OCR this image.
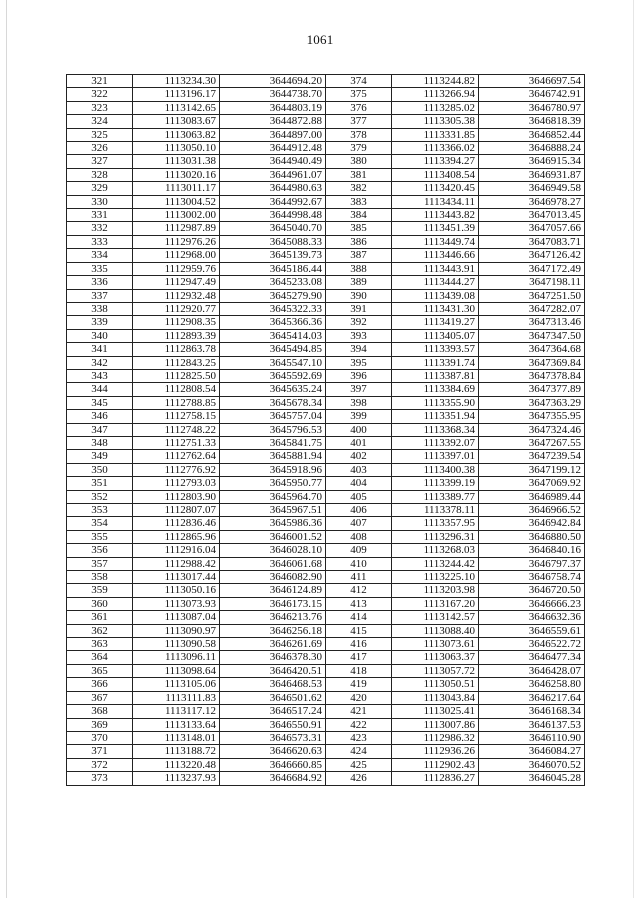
1061
321	1113234.30	3644694.20	374	1113244.82	3646697.54
322	1113196.17	3644738.70	375	1113266.94	3646742.91
323	1113142.65	3644803.19	376	1113285.02	3646780.97
324	1113083.67	3644872.88	377	1113305.38	3646818.39
325	1113063.82	3644897.00	378	1113331.85	3646852.44
326	1113050.10	3644912.48	379	1113366.02	3646888.24
327	1113031.38	3644940.49	380	1113394.27	3646915.34
328	1113020.16	3644961.07	381	1113408.54	3646931.87
329	1113011.17	3644980.63	382	1113420.45	3646949.58
330	1113004.52	3644992.67	383	1113434.11	3646978.27
331	1113002.00	3644998.48	384	1113443.82	3647013.45
332	1112987.89	3645040.70	385	1113451.39	3647057.66
333	1112976.26	3645088.33	386	1113449.74	3647083.71
334	1112968.00	3645139.73	387	1113446.66	3647126.42
335	1112959.76	3645186.44	388	1113443.91	3647172.49
336	1112947.49	3645233.08	389	1113444.27	3647198.11
337	1112932.48	3645279.90	390	1113439.08	3647251.50
338	1112920.77	3645322.33	391	1113431.30	3647282.07
339	1112908.35	3645366.36	392	1113419.27	3647313.46
340	1112893.39	3645414.03	393	1113405.07	3647347.50
341	1112863.78	3645494.85	394	1113393.57	3647364.68
342	1112843.25	3645547.10	395	1113391.74	3647369.84
343	1112825.50	3645592.69	396	1113387.81	3647378.84
344	1112808.54	3645635.24	397	1113384.69	3647377.89
345	1112788.85	3645678.34	398	1113355.90	3647363.29
346	1112758.15	3645757.04	399	1113351.94	3647355.95
347	1112748.22	3645796.53	400	1113368.34	3647324.46
348	1112751.33	3645841.75	401	1113392.07	3647267.55
349	1112762.64	3645881.94	402	1113397.01	3647239.54
350	1112776.92	3645918.96	403	1113400.38	3647199.12
351	1112793.03	3645950.77	404	1113399.19	3647069.92
352	1112803.90	3645964.70	405	1113389.77	3646989.44
353	1112807.07	3645967.51	406	1113378.11	3646966.52
354	1112836.46	3645986.36	407	1113357.95	3646942.84
355	1112865.96	3646001.52	408	1113296.31	3646880.50
356	1112916.04	3646028.10	409	1113268.03	3646840.16
357	1112988.42	3646061.68	410	1113244.42	3646797.37
358	1113017.44	3646082.90	411	1113225.10	3646758.74
359	1113050.16	3646124.89	412	1113203.98	3646720.50
360	1113073.93	3646173.15	413	1113167.20	3646666.23
361	1113087.04	3646213.76	414	1113142.57	3646632.36
362	1113090.97	3646256.18	415	1113088.40	3646559.61
363	1113090.58	3646261.69	416	1113073.61	3646522.72
364	1113096.11	3646378.30	417	1113063.37	3646477.34
365	1113098.64	3646420.51	418	1113057.72	3646428.07
366	1113105.06	3646468.53	419	1113050.51	3646258.80
367	1113111.83	3646501.62	420	1113043.84	3646217.64
368	1113117.12	3646517.24	421	1113025.41	3646168.34
369	1113133.64	3646550.91	422	1113007.86	3646137.53
370	1113148.01	3646573.31	423	1112986.32	3646110.90
371	1113188.72	3646620.63	424	1112936.26	3646084.27
372	1113220.48	3646660.85	425	1112902.43	3646070.52
373	1113237.93	3646684.92	426	1112836.27	3646045.28
